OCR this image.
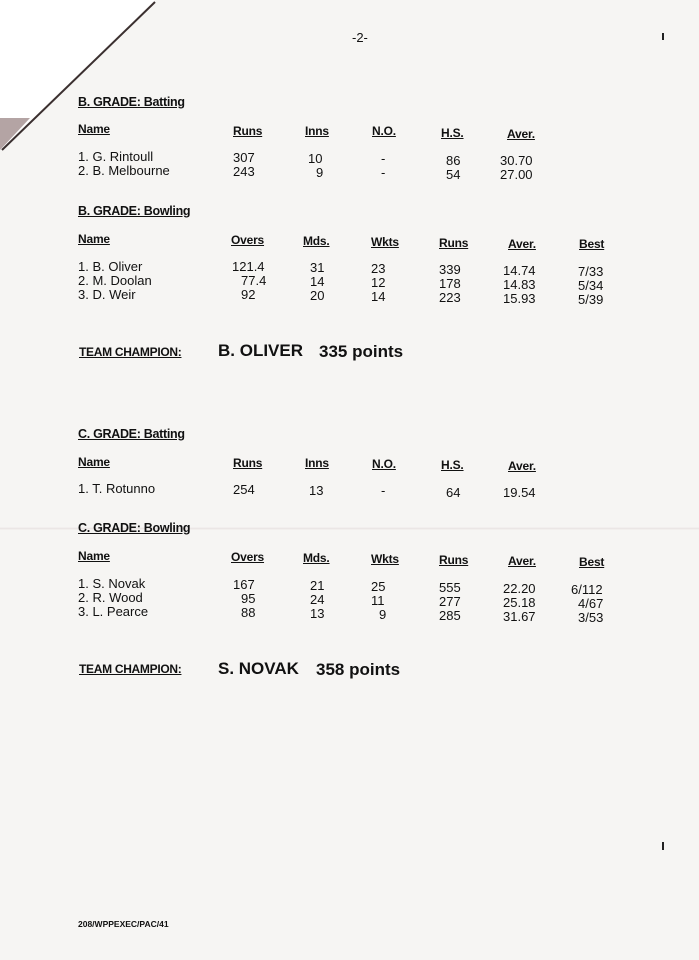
-2-
B. GRADE: Batting
Name	Runs	Inns	N.O.	H.S.	Aver.
1. G. Rintoull	307	10	-	86	30.70
2. B. Melbourne	243	9	-	54	27.00
B. GRADE: Bowling
Name	Overs	Mds.	Wkts	Runs	Aver.	Best
1. B. Oliver	121.4	31	23	339	14.74	7/33
2. M. Doolan	77.4	14	12	178	14.83	5/34
3. D. Weir	92	20	14	223	15.93	5/39
TEAM CHAMPION: B. OLIVER 335 points
C. GRADE: Batting
Name	Runs	Inns	N.O.	H.S.	Aver.
1. T. Rotunno	254	13	-	64	19.54
C. GRADE: Bowling
Name	Overs	Mds.	Wkts	Runs	Aver.	Best
1. S. Novak	167	21	25	555	22.20	6/112
2. R. Wood	95	24	11	277	25.18	4/67
3. L. Pearce	88	13	9	285	31.67	3/53
TEAM CHAMPION: S. NOVAK 358 points
208/WPPEXEC/PAC/41
